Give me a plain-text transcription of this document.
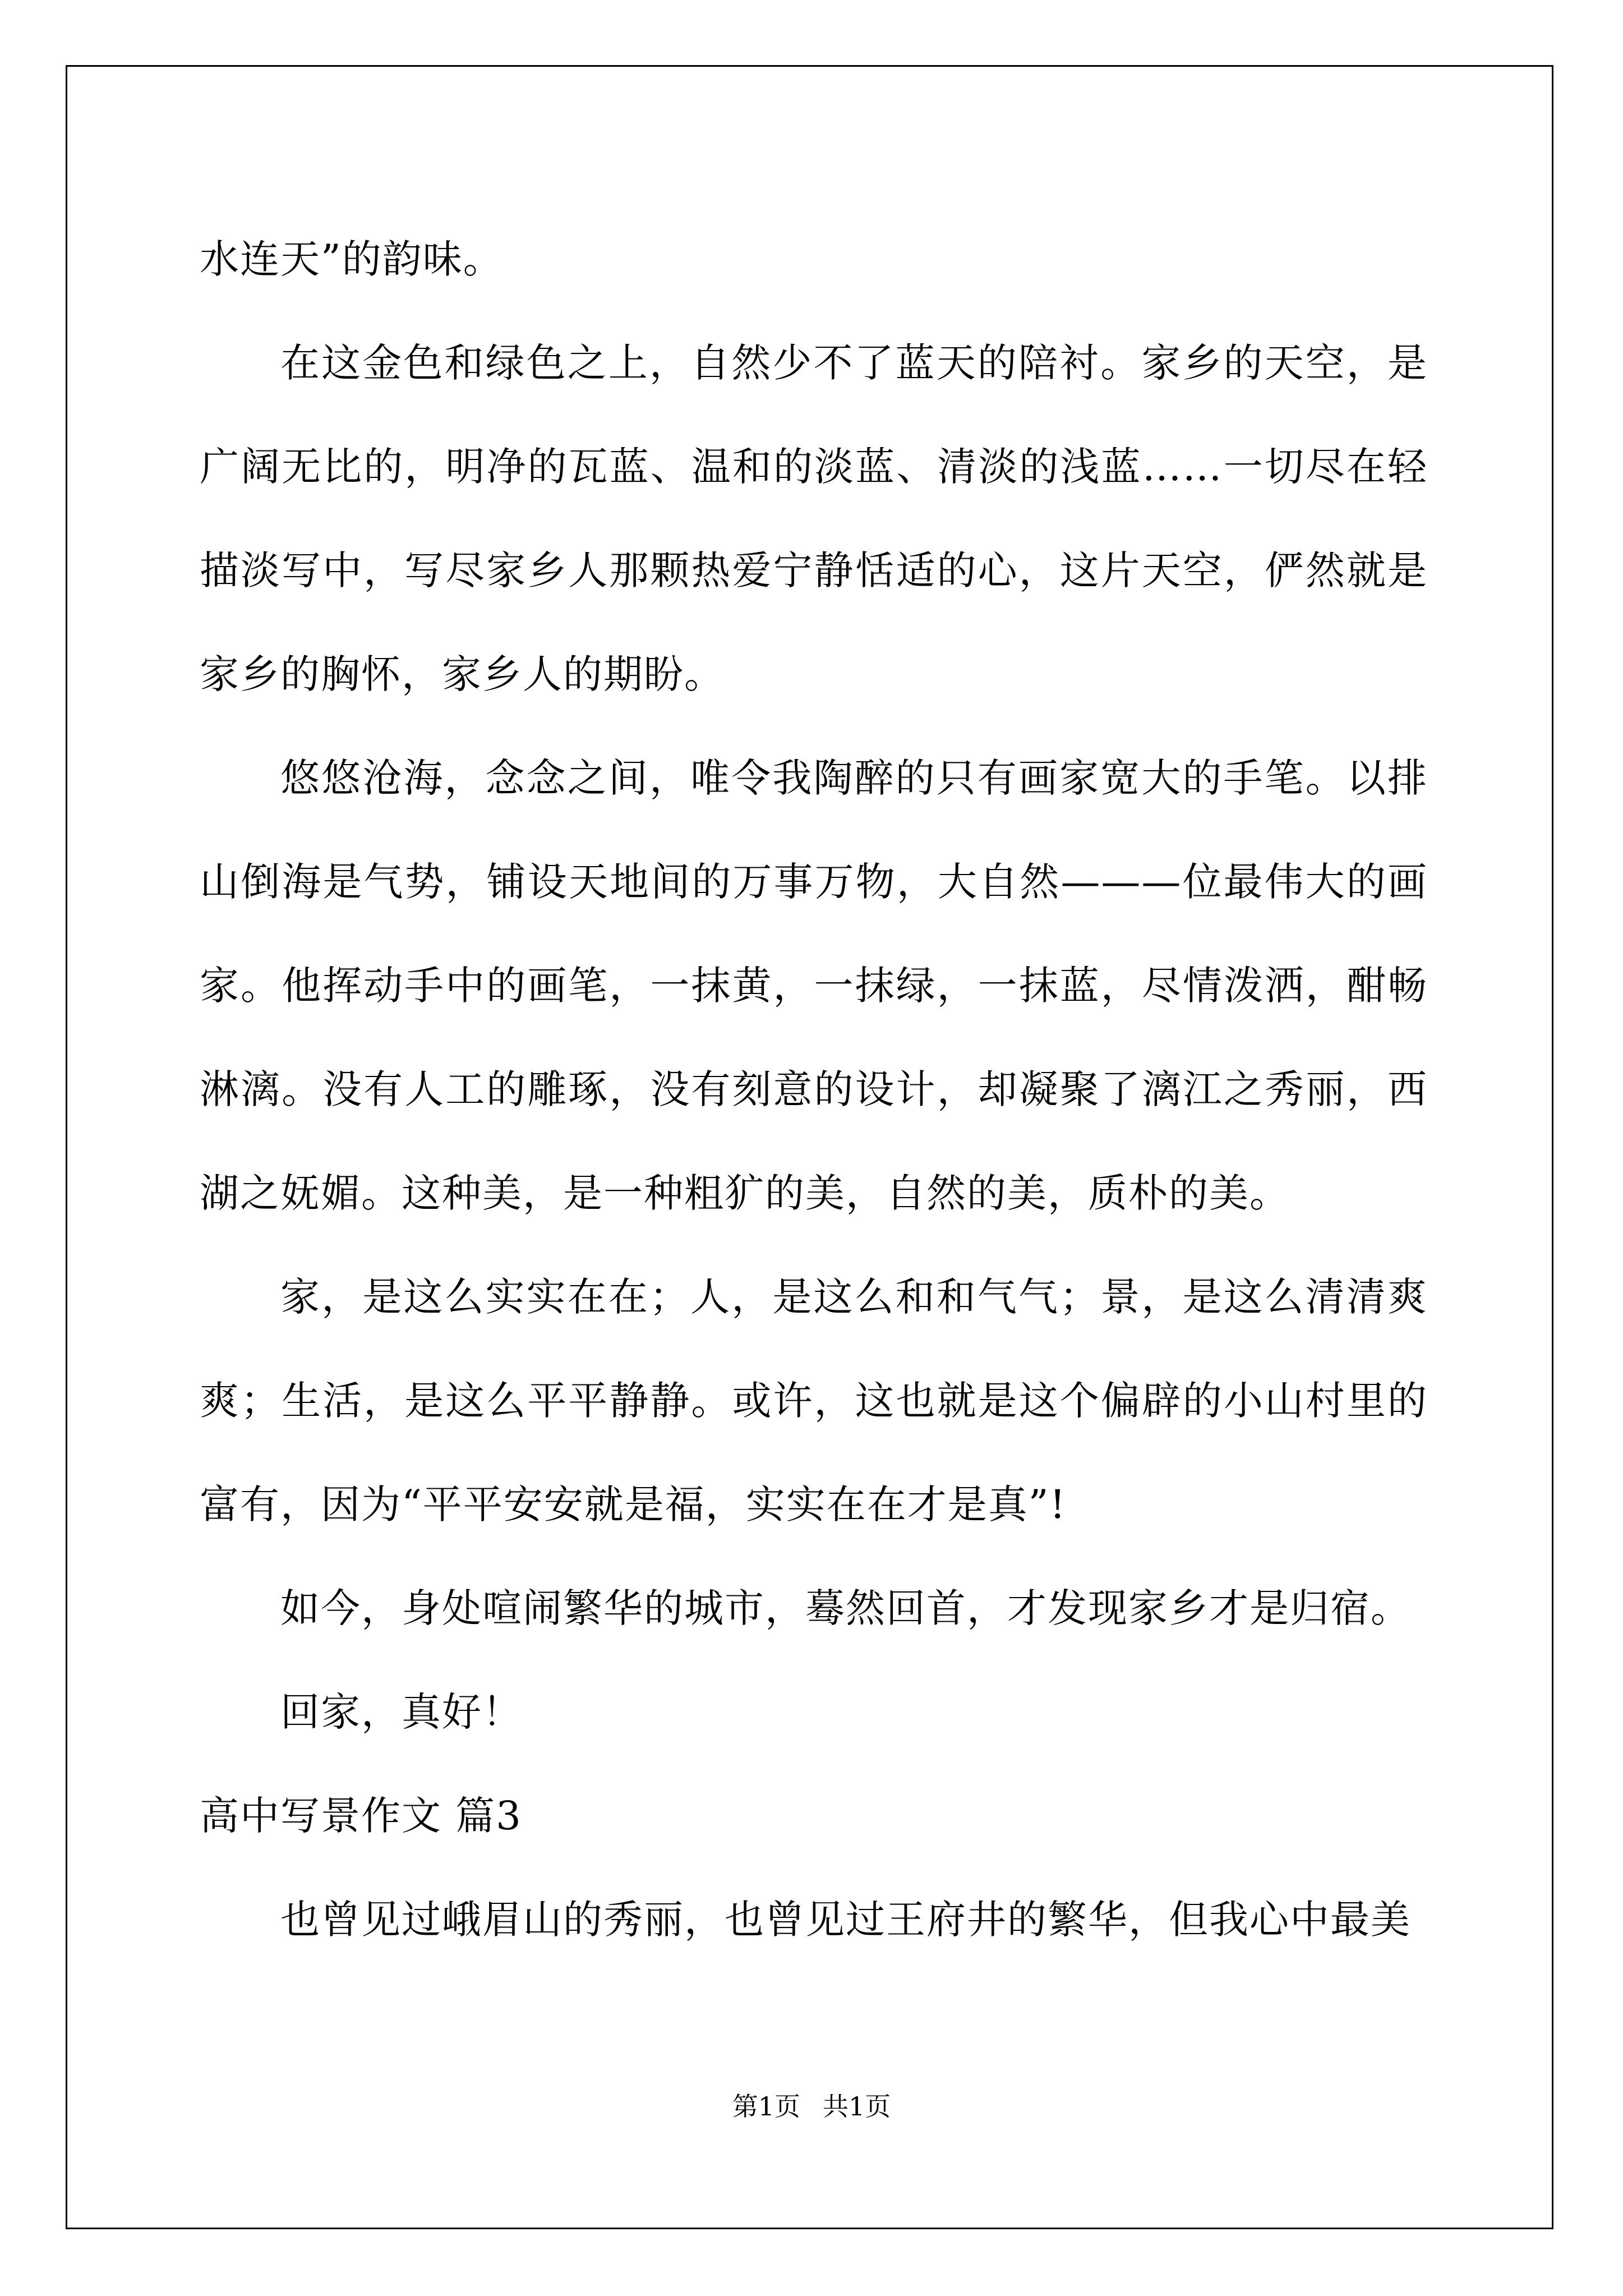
水连天”的韵味。

在这金色和绿色之上，自然少不了蓝天的陪衬。家乡的天空，是广阔无比的，明净的瓦蓝、温和的淡蓝、清淡的浅蓝……一切尽在轻描淡写中，写尽家乡人那颗热爱宁静恬适的心，这片天空，俨然就是家乡的胸怀，家乡人的期盼。

悠悠沧海，念念之间，唯令我陶醉的只有画家宽大的手笔。以排山倒海是气势，铺设天地间的万事万物，大自然———位最伟大的画家。他挥动手中的画笔，一抹黄，一抹绿，一抹蓝，尽情泼洒，酣畅淋漓。没有人工的雕琢，没有刻意的设计，却凝聚了漓江之秀丽，西湖之妩媚。这种美，是一种粗犷的美，自然的美，质朴的美。

家，是这么实实在在；人，是这么和和气气；景，是这么清清爽爽；生活，是这么平平静静。或许，这也就是这个偏辟的小山村里的富有，因为“平平安安就是福，实实在在才是真”!

如今，身处喧闹繁华的城市，蓦然回首，才发现家乡才是归宿。

回家，真好！

高中写景作文 篇3

也曾见过峨眉山的秀丽，也曾见过王府井的繁华，但我心中最美

第1页 共1页
